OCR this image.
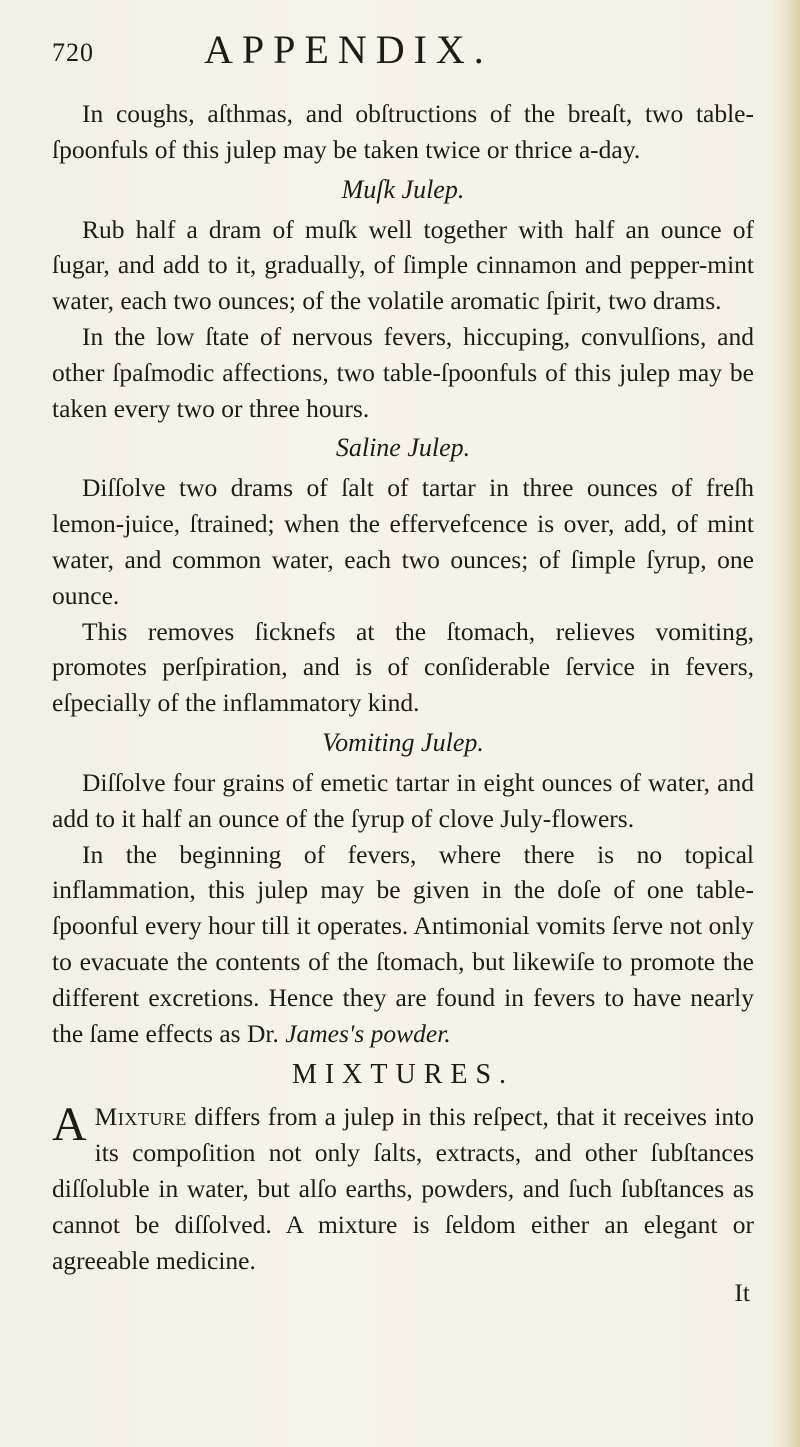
720	APPENDIX.

In coughs, aſthmas, and obſtructions of the breaſt, two table-ſpoonfuls of this julep may be taken twice or thrice a-day.

Muſk Julep.

Rub half a dram of muſk well together with half an ounce of ſugar, and add to it, gradually, of ſimple cinnamon and pepper-mint water, each two ounces; of the volatile aromatic ſpirit, two drams.

In the low ſtate of nervous fevers, hiccuping, convulſions, and other ſpaſmodic affections, two table-ſpoonfuls of this julep may be taken every two or three hours.

Saline Julep.

Diſſolve two drams of ſalt of tartar in three ounces of freſh lemon-juice, ſtrained; when the effervefcence is over, add, of mint water, and common water, each two ounces; of ſimple ſyrup, one ounce.

This removes ſicknefs at the ſtomach, relieves vomiting, promotes perſpiration, and is of conſiderable ſervice in fevers, eſpecially of the inflammatory kind.

Vomiting Julep.

Diſſolve four grains of emetic tartar in eight ounces of water, and add to it half an ounce of the ſyrup of clove July-flowers.

In the beginning of fevers, where there is no topical inflammation, this julep may be given in the doſe of one table-ſpoonful every hour till it operates. Antimonial vomits ſerve not only to evacuate the contents of the ſtomach, but likewiſe to promote the different excretions. Hence they are found in fevers to have nearly the ſame effects as Dr. James's powder.

MIXTURES.

A Mixture differs from a julep in this reſpect, that it receives into its compoſition not only ſalts, extracts, and other ſubſtances diſſoluble in water, but alſo earths, powders, and ſuch ſubſtances as cannot be diſſolved. A mixture is ſeldom either an elegant or agreeable medicine.

It
